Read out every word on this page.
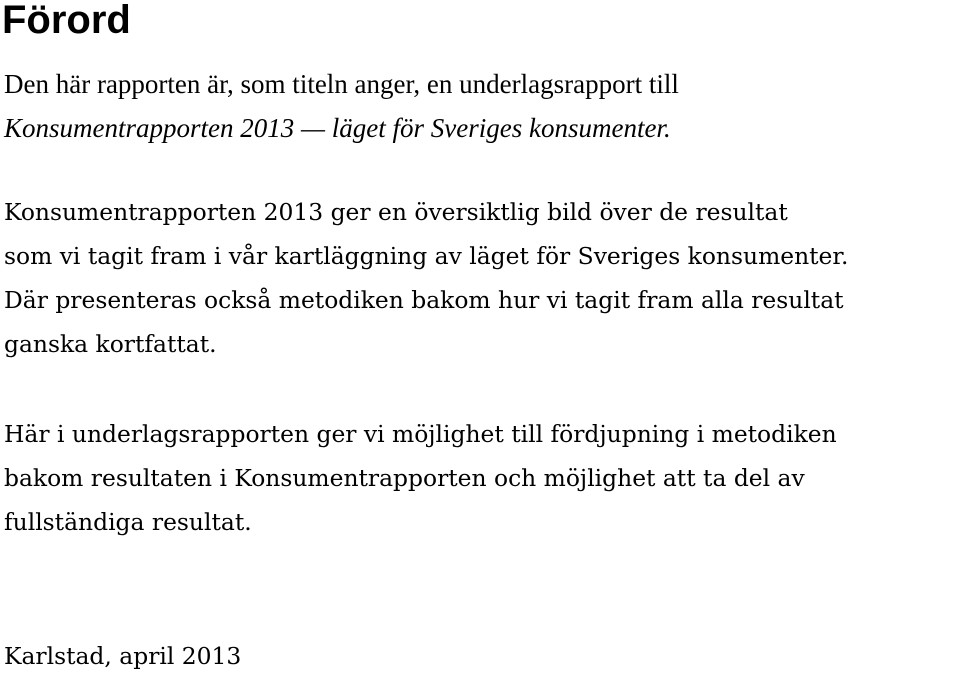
Förord
Den här rapporten är, som titeln anger, en underlagsrapport till
Konsumentrapporten 2013 — läget för Sveriges konsumenter.
Konsumentrapporten 2013 ger en översiktlig bild över de resultat
som vi tagit fram i vår kartläggning av läget för Sveriges konsumenter.
Där presenteras också metodiken bakom hur vi tagit fram alla resultat
ganska kortfattat.
Här i underlagsrapporten ger vi möjlighet till fördjupning i metodiken
bakom resultaten i Konsumentrapporten och möjlighet att ta del av
fullständiga resultat.
Karlstad, april 2013
